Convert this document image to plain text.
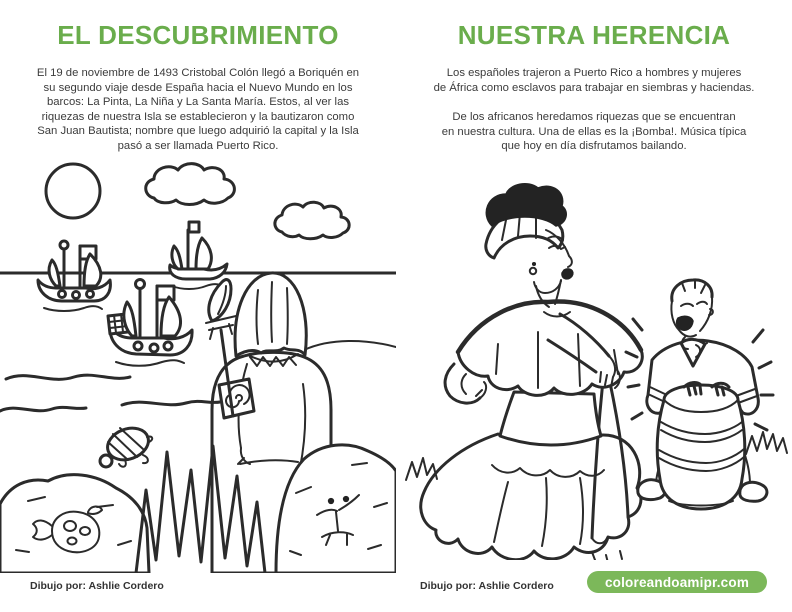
EL DESCUBRIMIENTO
El 19 de noviembre de 1493 Cristobal Colón llegó a Boriquén en
su segundo viaje desde España hacia el Nuevo Mundo en los
barcos: La Pinta, La Niña y La Santa María. Estos, al ver las
riquezas de nuestra Isla se establecieron y la bautizaron como
San Juan Bautista; nombre que luego adquirió la capital y la Isla
pasó a ser llamada Puerto Rico.
Dibujo por: Ashlie Cordero
NUESTRA HERENCIA
Los españoles trajeron a Puerto Rico a hombres y mujeres
de África como esclavos para trabajar en siembras y haciendas.
De los africanos heredamos riquezas que se encuentran
en nuestra cultura. Una de ellas es la ¡Bomba!. Música típica
que hoy en día disfrutamos bailando.
Dibujo por: Ashlie Cordero	coloreandoamipr.com
